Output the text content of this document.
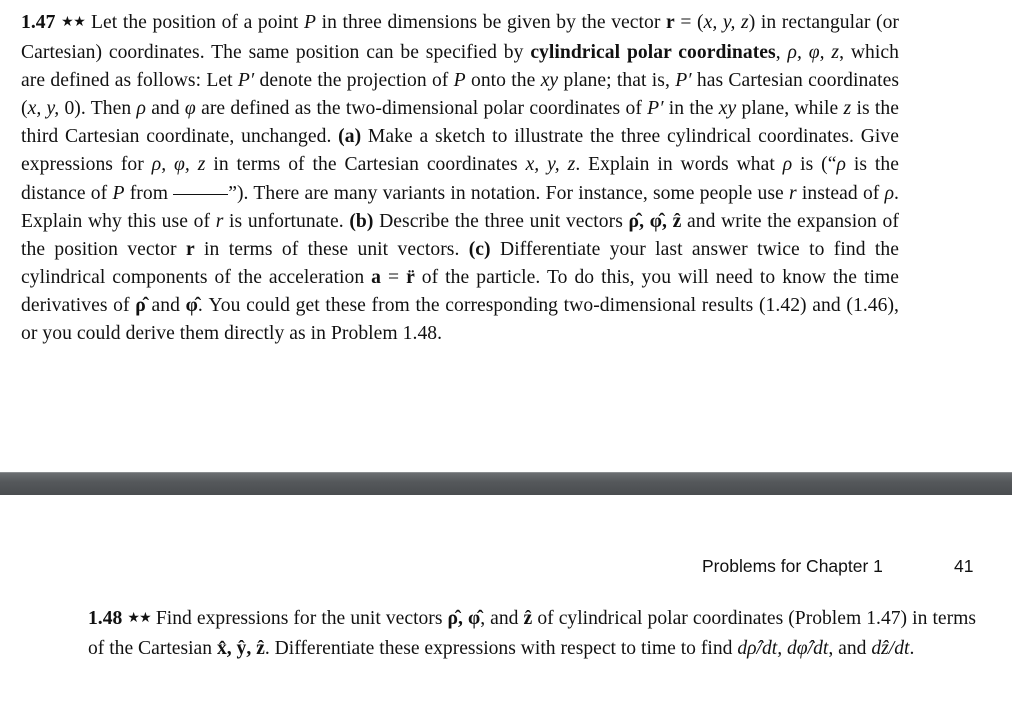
1.47 ★★ Let the position of a point P in three dimensions be given by the vector r = (x, y, z) in rectangular (or Cartesian) coordinates. The same position can be specified by cylindrical polar coordinates, ρ, φ, z, which are defined as follows: Let P′ denote the projection of P onto the xy plane; that is, P′ has Cartesian coordinates (x, y, 0). Then ρ and φ are defined as the two-dimensional polar coordinates of P′ in the xy plane, while z is the third Cartesian coordinate, unchanged. (a) Make a sketch to illustrate the three cylindrical coordinates. Give expressions for ρ, φ, z in terms of the Cartesian coordinates x, y, z. Explain in words what ρ is (“ρ is the distance of P from	”). There are many variants in notation. For instance, some people use r instead of ρ. Explain why this use of r is unfortunate. (b) Describe the three unit vectors ρ̂, φ̂, ẑ and write the expansion of the position vector r in terms of these unit vectors. (c) Differentiate your last answer twice to find the cylindrical components of the acceleration a = r̈ of the particle. To do this, you will need to know the time derivatives of ρ̂ and φ̂. You could get these from the corresponding two-dimensional results (1.42) and (1.46), or you could derive them directly as in Problem 1.48.

Problems for Chapter 1	41

1.48 ★★ Find expressions for the unit vectors ρ̂, φ̂, and ẑ of cylindrical polar coordinates (Problem 1.47) in terms of the Cartesian x̂, ŷ, ẑ. Differentiate these expressions with respect to time to find dρ̂/dt, dφ̂/dt, and dẑ/dt.
